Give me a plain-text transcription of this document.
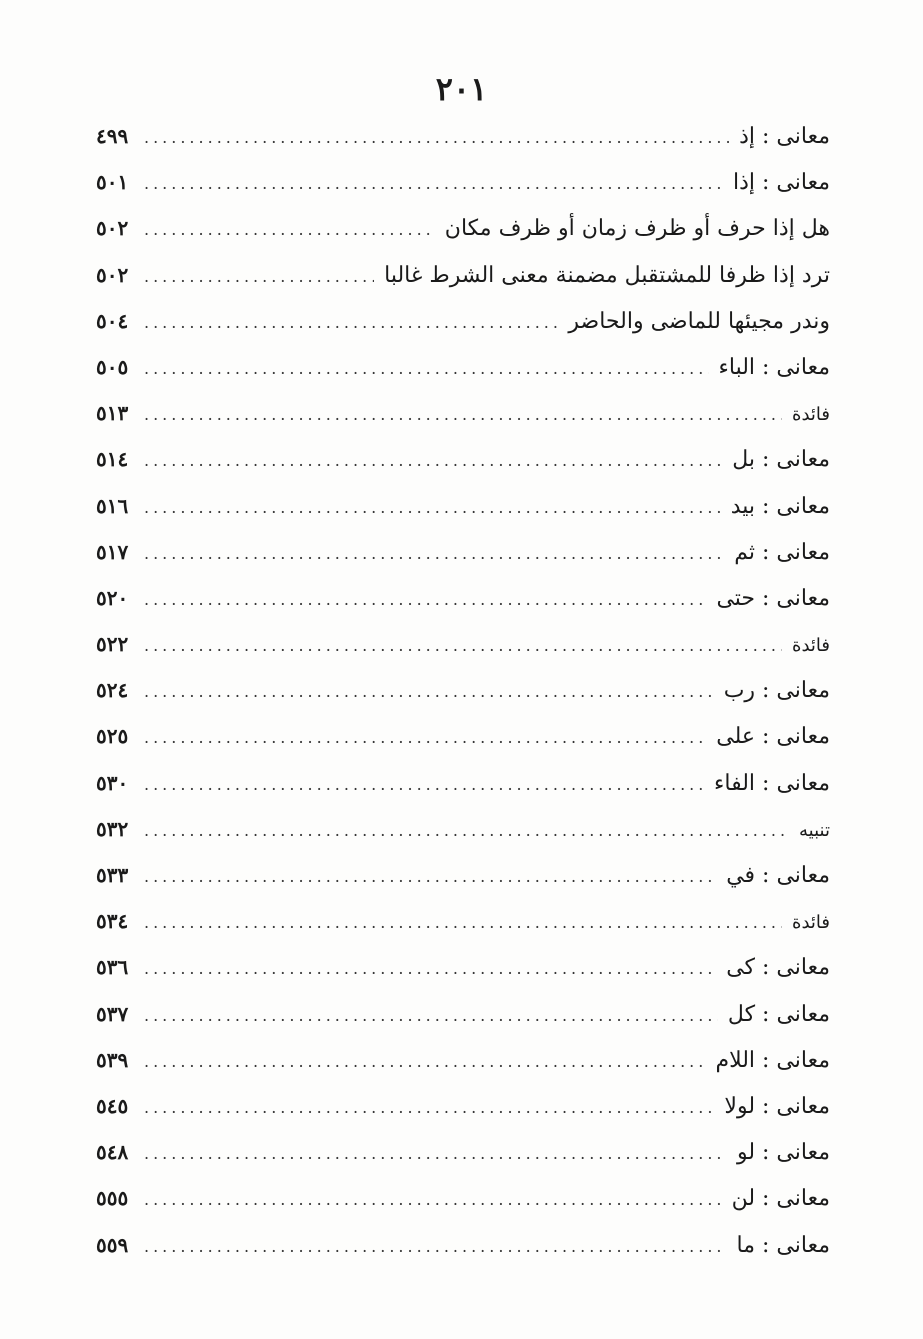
٢٠١
معانى : إذ
.....
٤٩٩
معانى : إذا
.....
٥٠١
هل إذا حرف أو ظرف زمان أو ظرف مكان
.....
٥٠٢
ترد إذا ظرفا للمشتقبل مضمنة معنى الشرط غالبا
.....
٥٠٢
وندر مجيئها للماضى والحاضر
.....
٥٠٤
معانى : الباء
.....
٥٠٥
فائدة
.....
٥١٣
معانى : بل
.....
٥١٤
معانى : بيد
.....
٥١٦
معانى : ثم
.....
٥١٧
معانى : حتى
.....
٥٢٠
فائدة
.....
٥٢٢
معانى : رب
.....
٥٢٤
معانى : على
.....
٥٢٥
معانى : الفاء
.....
٥٣٠
تنبيه
.....
٥٣٢
معانى : في
.....
٥٣٣
فائدة
.....
٥٣٤
معانى : كى
.....
٥٣٦
معانى : كل
.....
٥٣٧
معانى : اللام
.....
٥٣٩
معانى : لولا
.....
٥٤٥
معانى : لو
.....
٥٤٨
معانى : لن
.....
٥٥٥
معانى : ما
.....
٥٥٩
